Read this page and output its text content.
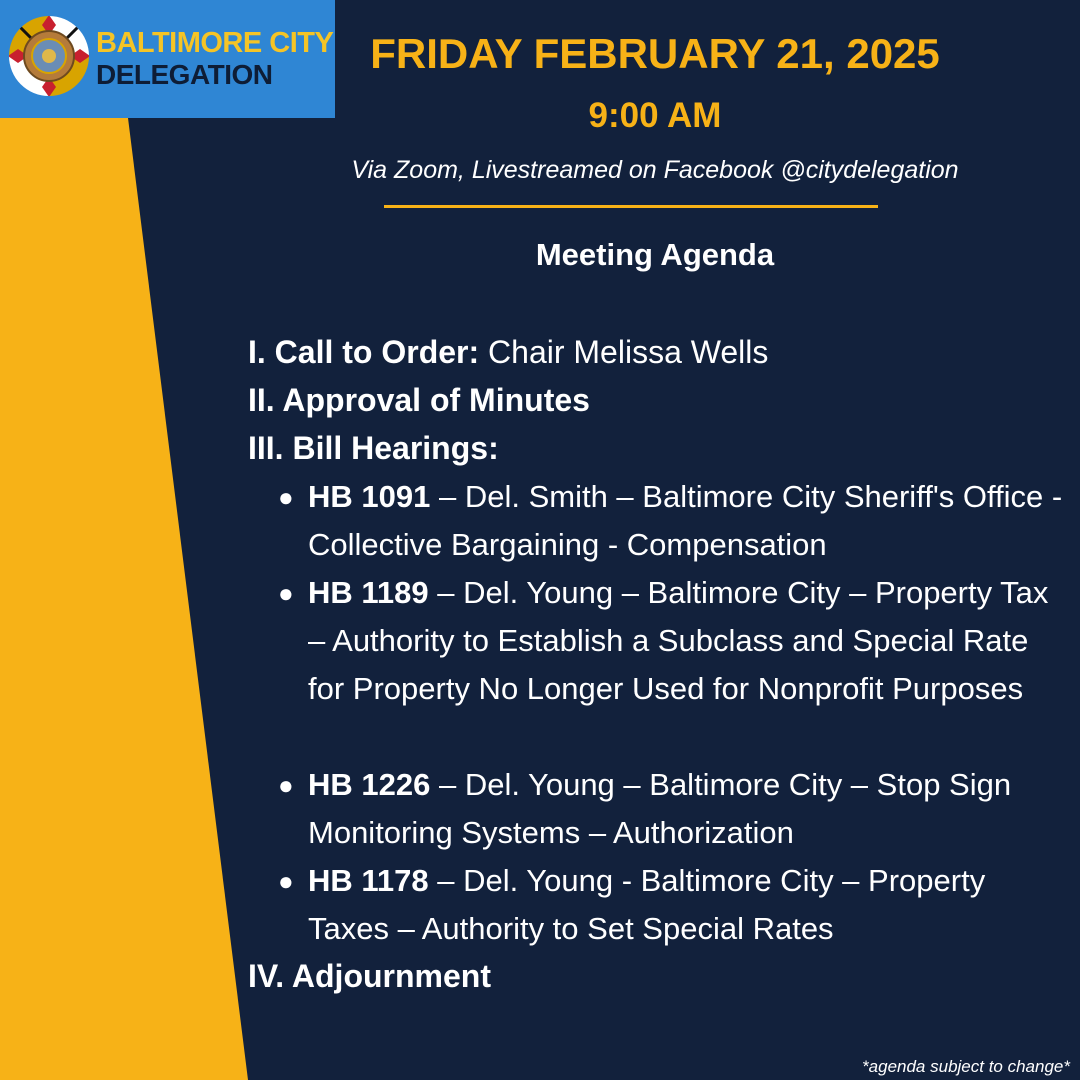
BALTIMORE CITY
DELEGATION	FRIDAY FEBRUARY 21, 2025
9:00 AM
Via Zoom, Livestreamed on Facebook @citydelegation
Meeting Agenda
I. Call to Order: Chair Melissa Wells
II. Approval of Minutes
III. Bill Hearings:
● HB 1091 – Del. Smith – Baltimore City Sheriff's Office - Collective Bargaining - Compensation
● HB 1189 – Del. Young – Baltimore City – Property Tax – Authority to Establish a Subclass and Special Rate for Property No Longer Used for Nonprofit Purposes
● HB 1226 – Del. Young – Baltimore City – Stop Sign Monitoring Systems – Authorization
● HB 1178 – Del. Young - Baltimore City – Property Taxes – Authority to Set Special Rates
IV. Adjournment
*agenda subject to change*
